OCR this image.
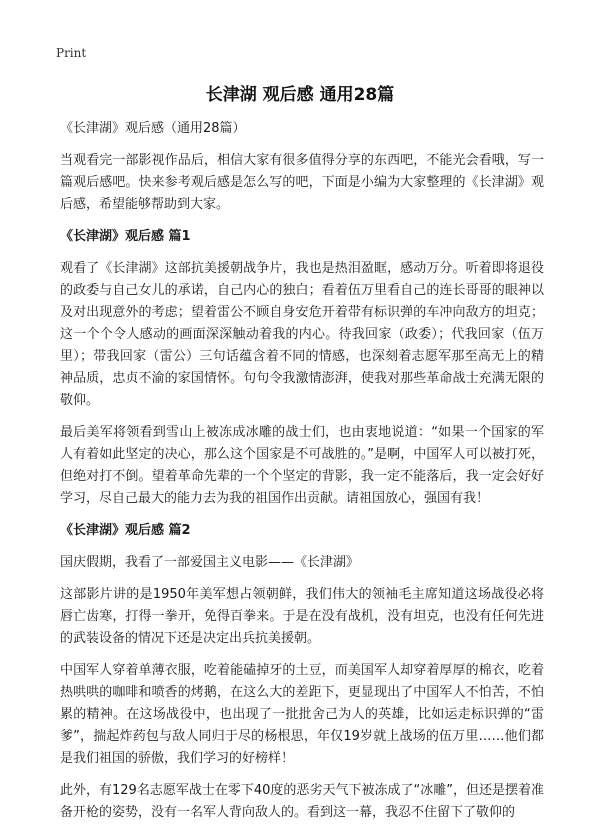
Print
长津湖 观后感 通用28篇

《长津湖》观后感（通用28篇）

当观看完一部影视作品后，相信大家有很多值得分享的东西吧，不能光会看哦，写一篇观后感吧。快来参考观后感是怎么写的吧，下面是小编为大家整理的《长津湖》观后感，希望能够帮助到大家。

《长津湖》观后感 篇1

观看了《长津湖》这部抗美援朝战争片，我也是热泪盈眶，感动万分。听着即将退役的政委与自己女儿的承诺，自己内心的独白；看着伍万里看自己的连长哥哥的眼神以及对出现意外的考虑；望着雷公不顾自身安危开着带有标识弹的车冲向敌方的坦克；这一个个令人感动的画面深深触动着我的内心。待我回家（政委）；代我回家（伍万里）；带我回家（雷公）三句话蕴含着不同的情感，也深刻着志愿军那至高无上的精神品质，忠贞不渝的家国情怀。句句令我激情澎湃，使我对那些革命战士充满无限的敬仰。

最后美军将领看到雪山上被冻成冰雕的战士们，也由衷地说道：“如果一个国家的军人有着如此坚定的决心，那么这个国家是不可战胜的。”是啊，中国军人可以被打死，但绝对打不倒。望着革命先辈的一个个坚定的背影，我一定不能落后，我一定会好好学习，尽自己最大的能力去为我的祖国作出贡献。请祖国放心，强国有我！

《长津湖》观后感 篇2

国庆假期，我看了一部爱国主义电影——《长津湖》

这部影片讲的是1950年美军想占领朝鲜，我们伟大的领袖毛主席知道这场战役必将唇亡齿寒，打得一拳开，免得百拳来。于是在没有战机，没有坦克，也没有任何先进的武装设备的情况下还是决定出兵抗美援朝。

中国军人穿着单薄衣服，吃着能磕掉牙的土豆，而美国军人却穿着厚厚的棉衣，吃着热哄哄的咖啡和喷香的烤鹅，在这么大的差距下，更显现出了中国军人不怕苦，不怕累的精神。在这场战役中，也出现了一批批舍己为人的英雄，比如运走标识弹的“雷爹”，揣起炸药包与敌人同归于尽的杨根思，年仅19岁就上战场的伍万里……他们都是我们祖国的骄傲，我们学习的好榜样！

此外，有129名志愿军战士在零下40度的恶劣天气下被冻成了“冰雕”，但还是摆着准备开枪的姿势，没有一名军人背向敌人的。看到这一幕，我忍不住留下了敬仰的
